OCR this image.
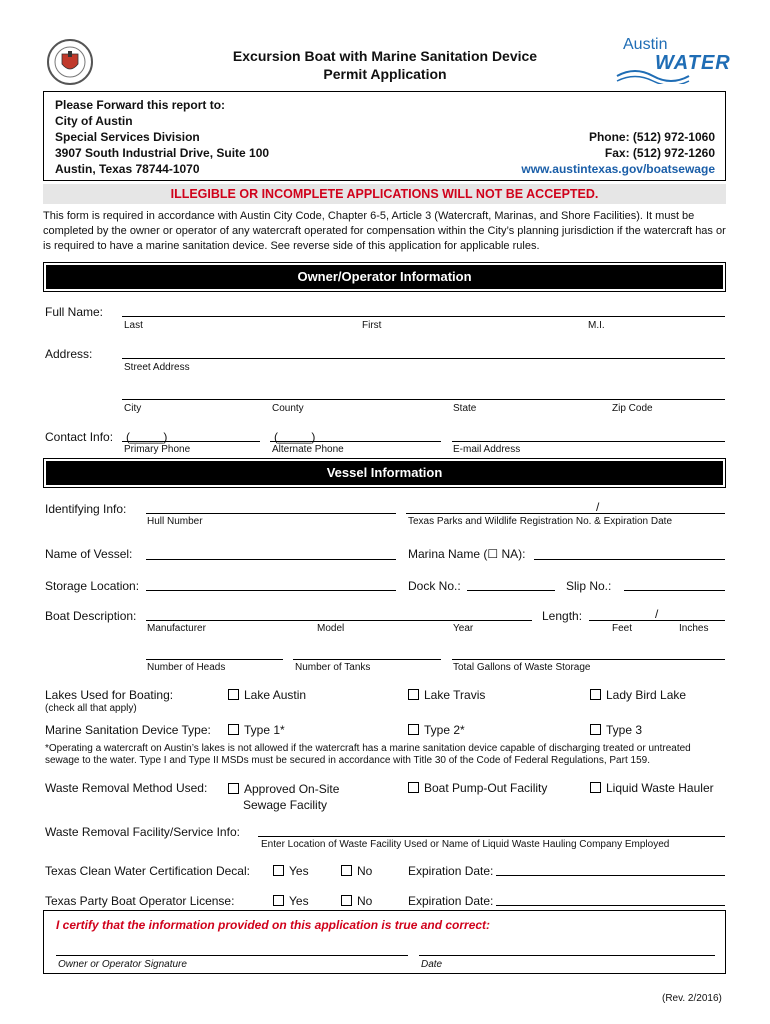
Excursion Boat with Marine Sanitation Device
Permit Application
Austin
WATER
Please Forward this report to:
City of Austin
Special Services Division
3907 South Industrial Drive, Suite 100
Austin, Texas 78744-1070
Phone: (512) 972-1060
Fax: (512) 972-1260
www.austintexas.gov/boatsewage
ILLEGIBLE OR INCOMPLETE APPLICATIONS WILL NOT BE ACCEPTED.
This form is required in accordance with Austin City Code, Chapter 6-5, Article 3 (Watercraft, Marinas, and Shore Facilities). It must be completed by the owner or operator of any watercraft operated for compensation within the City’s planning jurisdiction if the watercraft has or is required to have a marine sanitation device. See reverse side of this application for applicable rules.
Owner/Operator Information
Full Name:
Last	First	M.I.
Address:
Street Address
City	County	State	Zip Code
Contact Info: (_____)	(_____)
Primary Phone	Alternate Phone	E-mail Address
Vessel Information
Identifying Info:	/
Hull Number	Texas Parks and Wildlife Registration No. & Expiration Date
Name of Vessel:	Marina Name (☐ NA):
Storage Location:	Dock No.:	Slip No.:
Boat Description:	Length:	/
Manufacturer	Model	Year	Feet	Inches
Number of Heads	Number of Tanks	Total Gallons of Waste Storage
Lakes Used for Boating:
(check all that apply)
Lake Austin	Lake Travis	Lady Bird Lake
Marine Sanitation Device Type:	Type 1*	Type 2*	Type 3
*Operating a watercraft on Austin’s lakes is not allowed if the watercraft has a marine sanitation device capable of discharging treated or untreated sewage to the water. Type I and Type II MSDs must be secured in accordance with Title 30 of the Code of Federal Regulations, Part 159.
Waste Removal Method Used:	Approved On-Site
Sewage Facility
Boat Pump-Out Facility	Liquid Waste Hauler
Waste Removal Facility/Service Info:
Enter Location of Waste Facility Used or Name of Liquid Waste Hauling Company Employed
Texas Clean Water Certification Decal:	Yes	No	Expiration Date:
Texas Party Boat Operator License:	Yes	No	Expiration Date:
I certify that the information provided on this application is true and correct:
Owner or Operator Signature	Date
(Rev. 2/2016)
